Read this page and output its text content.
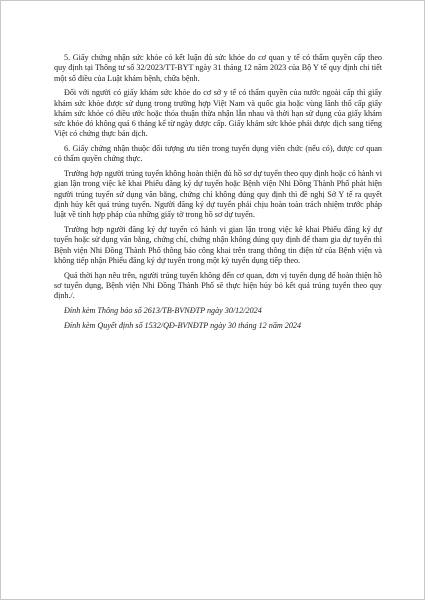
5. Giấy chứng nhận sức khỏe có kết luận đủ sức khỏe do cơ quan y tế có thẩm quyền cấp theo quy định tại Thông tư số 32/2023/TT-BYT ngày 31 tháng 12 năm 2023 của Bộ Y tế quy định chi tiết một số điều của Luật khám bệnh, chữa bệnh.

Đối với người có giấy khám sức khỏe do cơ sở y tế có thẩm quyền của nước ngoài cấp thì giấy khám sức khỏe được sử dụng trong trường hợp Việt Nam và quốc gia hoặc vùng lãnh thổ cấp giấy khám sức khỏe có điều ước hoặc thỏa thuận thừa nhận lẫn nhau và thời hạn sử dụng của giấy khám sức khỏe đó không quá 6 tháng kể từ ngày được cấp. Giấy khám sức khỏe phải được dịch sang tiếng Việt có chứng thực bản dịch.

6. Giấy chứng nhận thuộc đối tượng ưu tiên trong tuyển dụng viên chức (nếu có), được cơ quan có thẩm quyền chứng thực.

Trường hợp người trúng tuyển không hoàn thiện đủ hồ sơ dự tuyển theo quy định hoặc có hành vi gian lận trong việc kê khai Phiếu đăng ký dự tuyển hoặc Bệnh viện Nhi Đồng Thành Phố phát hiện người trúng tuyển sử dụng văn bằng, chứng chỉ không đúng quy định thì đề nghị Sở Y tế ra quyết định hủy kết quả trúng tuyển. Người đăng ký dự tuyển phải chịu hoàn toàn trách nhiệm trước pháp luật về tính hợp pháp của những giấy tờ trong hồ sơ dự tuyển.

Trường hợp người đăng ký dự tuyển có hành vi gian lận trong việc kê khai Phiếu đăng ký dự tuyển hoặc sử dụng văn bằng, chứng chỉ, chứng nhận không đúng quy định để tham gia dự tuyển thì Bệnh viện Nhi Đồng Thành Phố thông báo công khai trên trang thông tin điện tử của Bệnh viện và không tiếp nhận Phiếu đăng ký dự tuyển trong một kỳ tuyển dụng tiếp theo.

Quá thời hạn nêu trên, người trúng tuyển không đến cơ quan, đơn vị tuyển dụng để hoàn thiện hồ sơ tuyển dụng, Bệnh viện Nhi Đồng Thành Phố sẽ thực hiện hủy bỏ kết quả trúng tuyển theo quy định./.

Đính kèm Thông báo số 2613/TB-BVNĐTP ngày 30/12/2024

Đính kèm Quyết định số 1532/QĐ-BVNĐTP ngày 30 tháng 12 năm 2024
